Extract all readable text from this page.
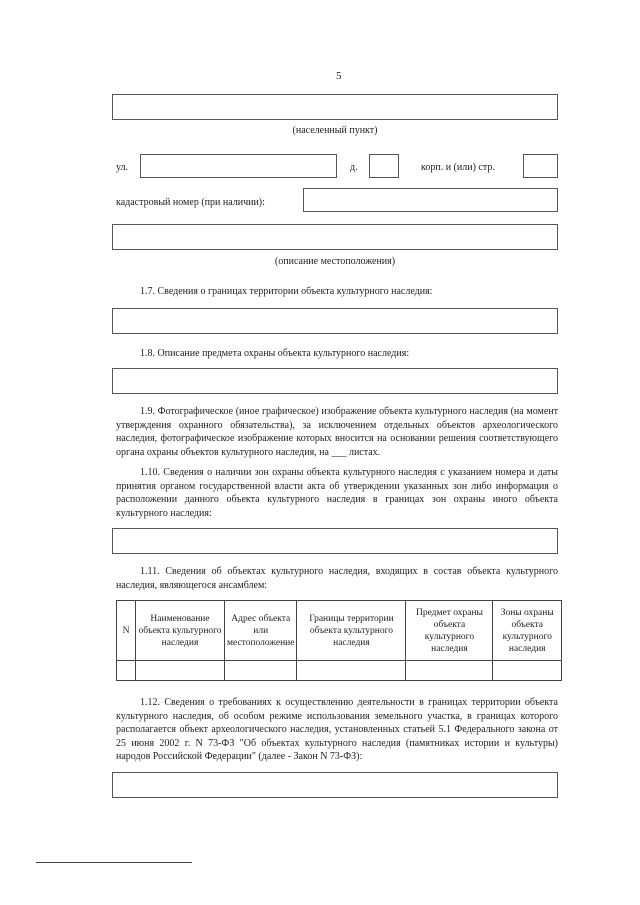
5
(населенный пункт)
ул.	д.	корп. и (или) стр.
кадастровый номер (при наличии):
(описание местоположения)
1.7. Сведения о границах территории объекта культурного наследия:
1.8. Описание предмета охраны объекта культурного наследия:
1.9. Фотографическое (иное графическое) изображение объекта культурного наследия (на момент утверждения охранного обязательства), за исключением отдельных объектов археологического наследия, фотографическое изображение которых вносится на основании решения соответствующего органа охраны объектов культурного наследия, на ___ листах.
1.10. Сведения о наличии зон охраны объекта культурного наследия с указанием номера и даты принятия органом государственной власти акта об утверждении указанных зон либо информация о расположении данного объекта культурного наследия в границах зон охраны иного объекта культурного наследия:
1.11. Сведения об объектах культурного наследия, входящих в состав объекта культурного наследия, являющегося ансамблем:
N	Наименование объекта культурного наследия	Адрес объекта или местоположение	Границы территории объекта культурного наследия	Предмет охраны объекта культурного наследия	Зоны охраны объекта культурного наследия

1.12. Сведения о требованиях к осуществлению деятельности в границах территории объекта культурного наследия, об особом режиме использования земельного участка, в границах которого располагается объект археологического наследия, установленных статьей 5.1 Федерального закона от 25 июня 2002 г. N 73-ФЗ "Об объектах культурного наследия (памятниках истории и культуры) народов Российской Федерации" (далее - Закон N 73-ФЗ):
